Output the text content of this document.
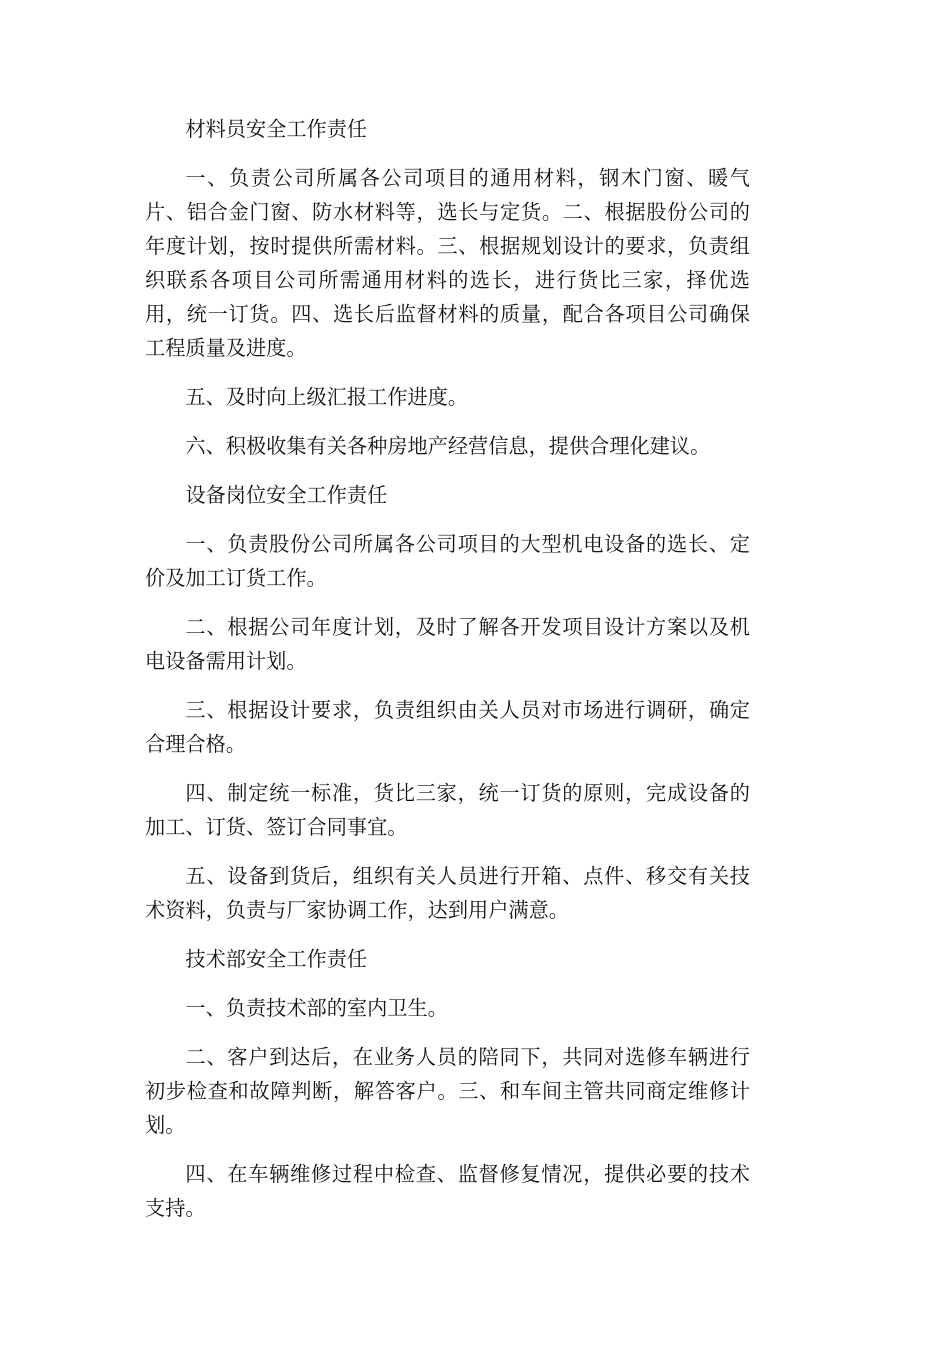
材料员安全工作责任

一、负责公司所属各公司项目的通用材料，钢木门窗、暖气片、铝合金门窗、防水材料等，选长与定货。二、根据股份公司的年度计划，按时提供所需材料。三、根据规划设计的要求，负责组织联系各项目公司所需通用材料的选长，进行货比三家，择优选用，统一订货。四、选长后监督材料的质量，配合各项目公司确保工程质量及进度。

五、及时向上级汇报工作进度。

六、积极收集有关各种房地产经营信息，提供合理化建议。

设备岗位安全工作责任

一、负责股份公司所属各公司项目的大型机电设备的选长、定价及加工订货工作。

二、根据公司年度计划，及时了解各开发项目设计方案以及机电设备需用计划。

三、根据设计要求，负责组织由关人员对市场进行调研，确定合理合格。

四、制定统一标准，货比三家，统一订货的原则，完成设备的加工、订货、签订合同事宜。

五、设备到货后，组织有关人员进行开箱、点件、移交有关技术资料，负责与厂家协调工作，达到用户满意。

技术部安全工作责任

一、负责技术部的室内卫生。

二、客户到达后，在业务人员的陪同下，共同对选修车辆进行初步检查和故障判断，解答客户。三、和车间主管共同商定维修计划。

四、在车辆维修过程中检查、监督修复情况，提供必要的技术支持。
